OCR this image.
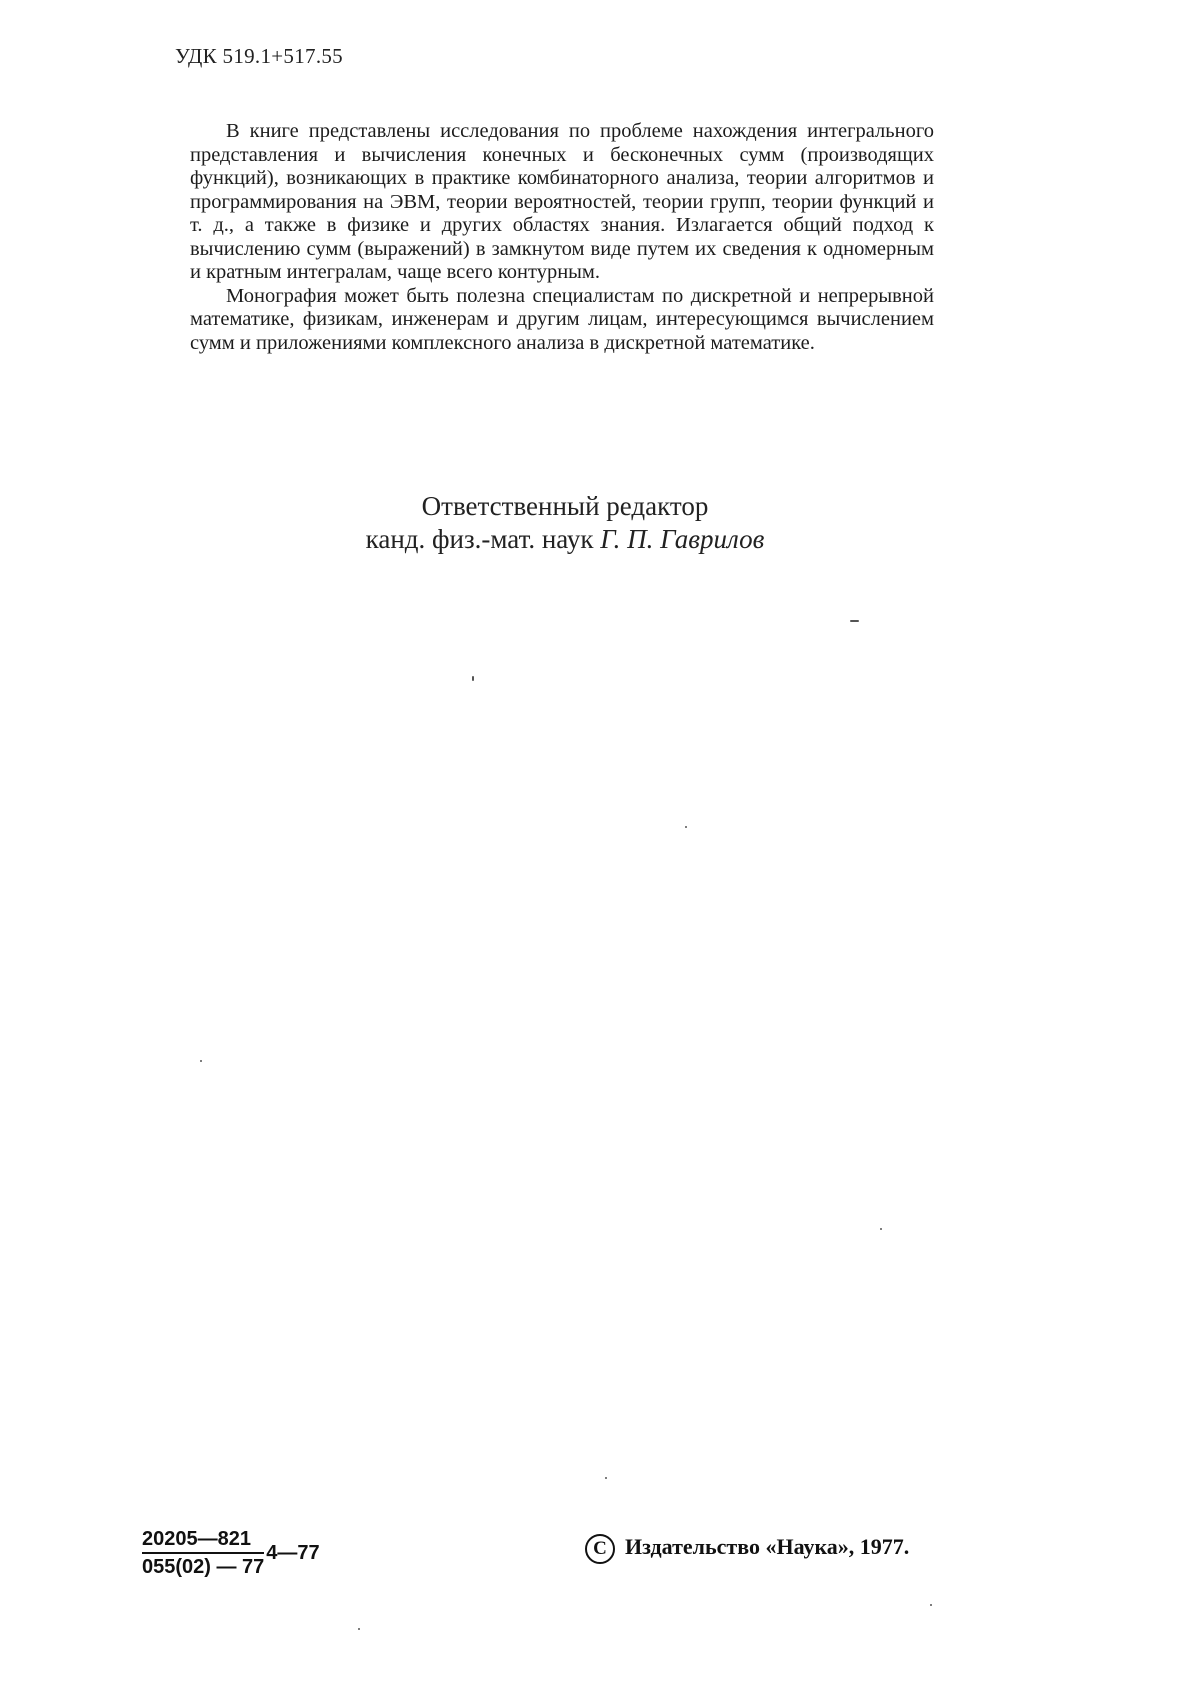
УДК 519.1+517.55

В книге представлены исследования по проблеме нахождения интегрального представления и вычисления конечных и бесконечных сумм (производящих функций), возникающих в практике комбинаторного анализа, теории алгоритмов и программирования на ЭВМ, теории вероятностей, теории групп, теории функций и т. д., а также в физике и других областях знания. Излагается общий подход к вычислению сумм (выражений) в замкнутом виде путем их сведения к одномерным и кратным интегралам, чаще всего контурным.

Монография может быть полезна специалистам по дискретной и непрерывной математике, физикам, инженерам и другим лицам, интересующимся вычислением сумм и приложениями комплексного анализа в дискретной математике.

Ответственный редактор
канд. физ.-мат. наук Г. П. Гаврилов
$\frac{20205—821}{055(02) — 77}$ 4—77	C Издательство «Наука», 1977.
